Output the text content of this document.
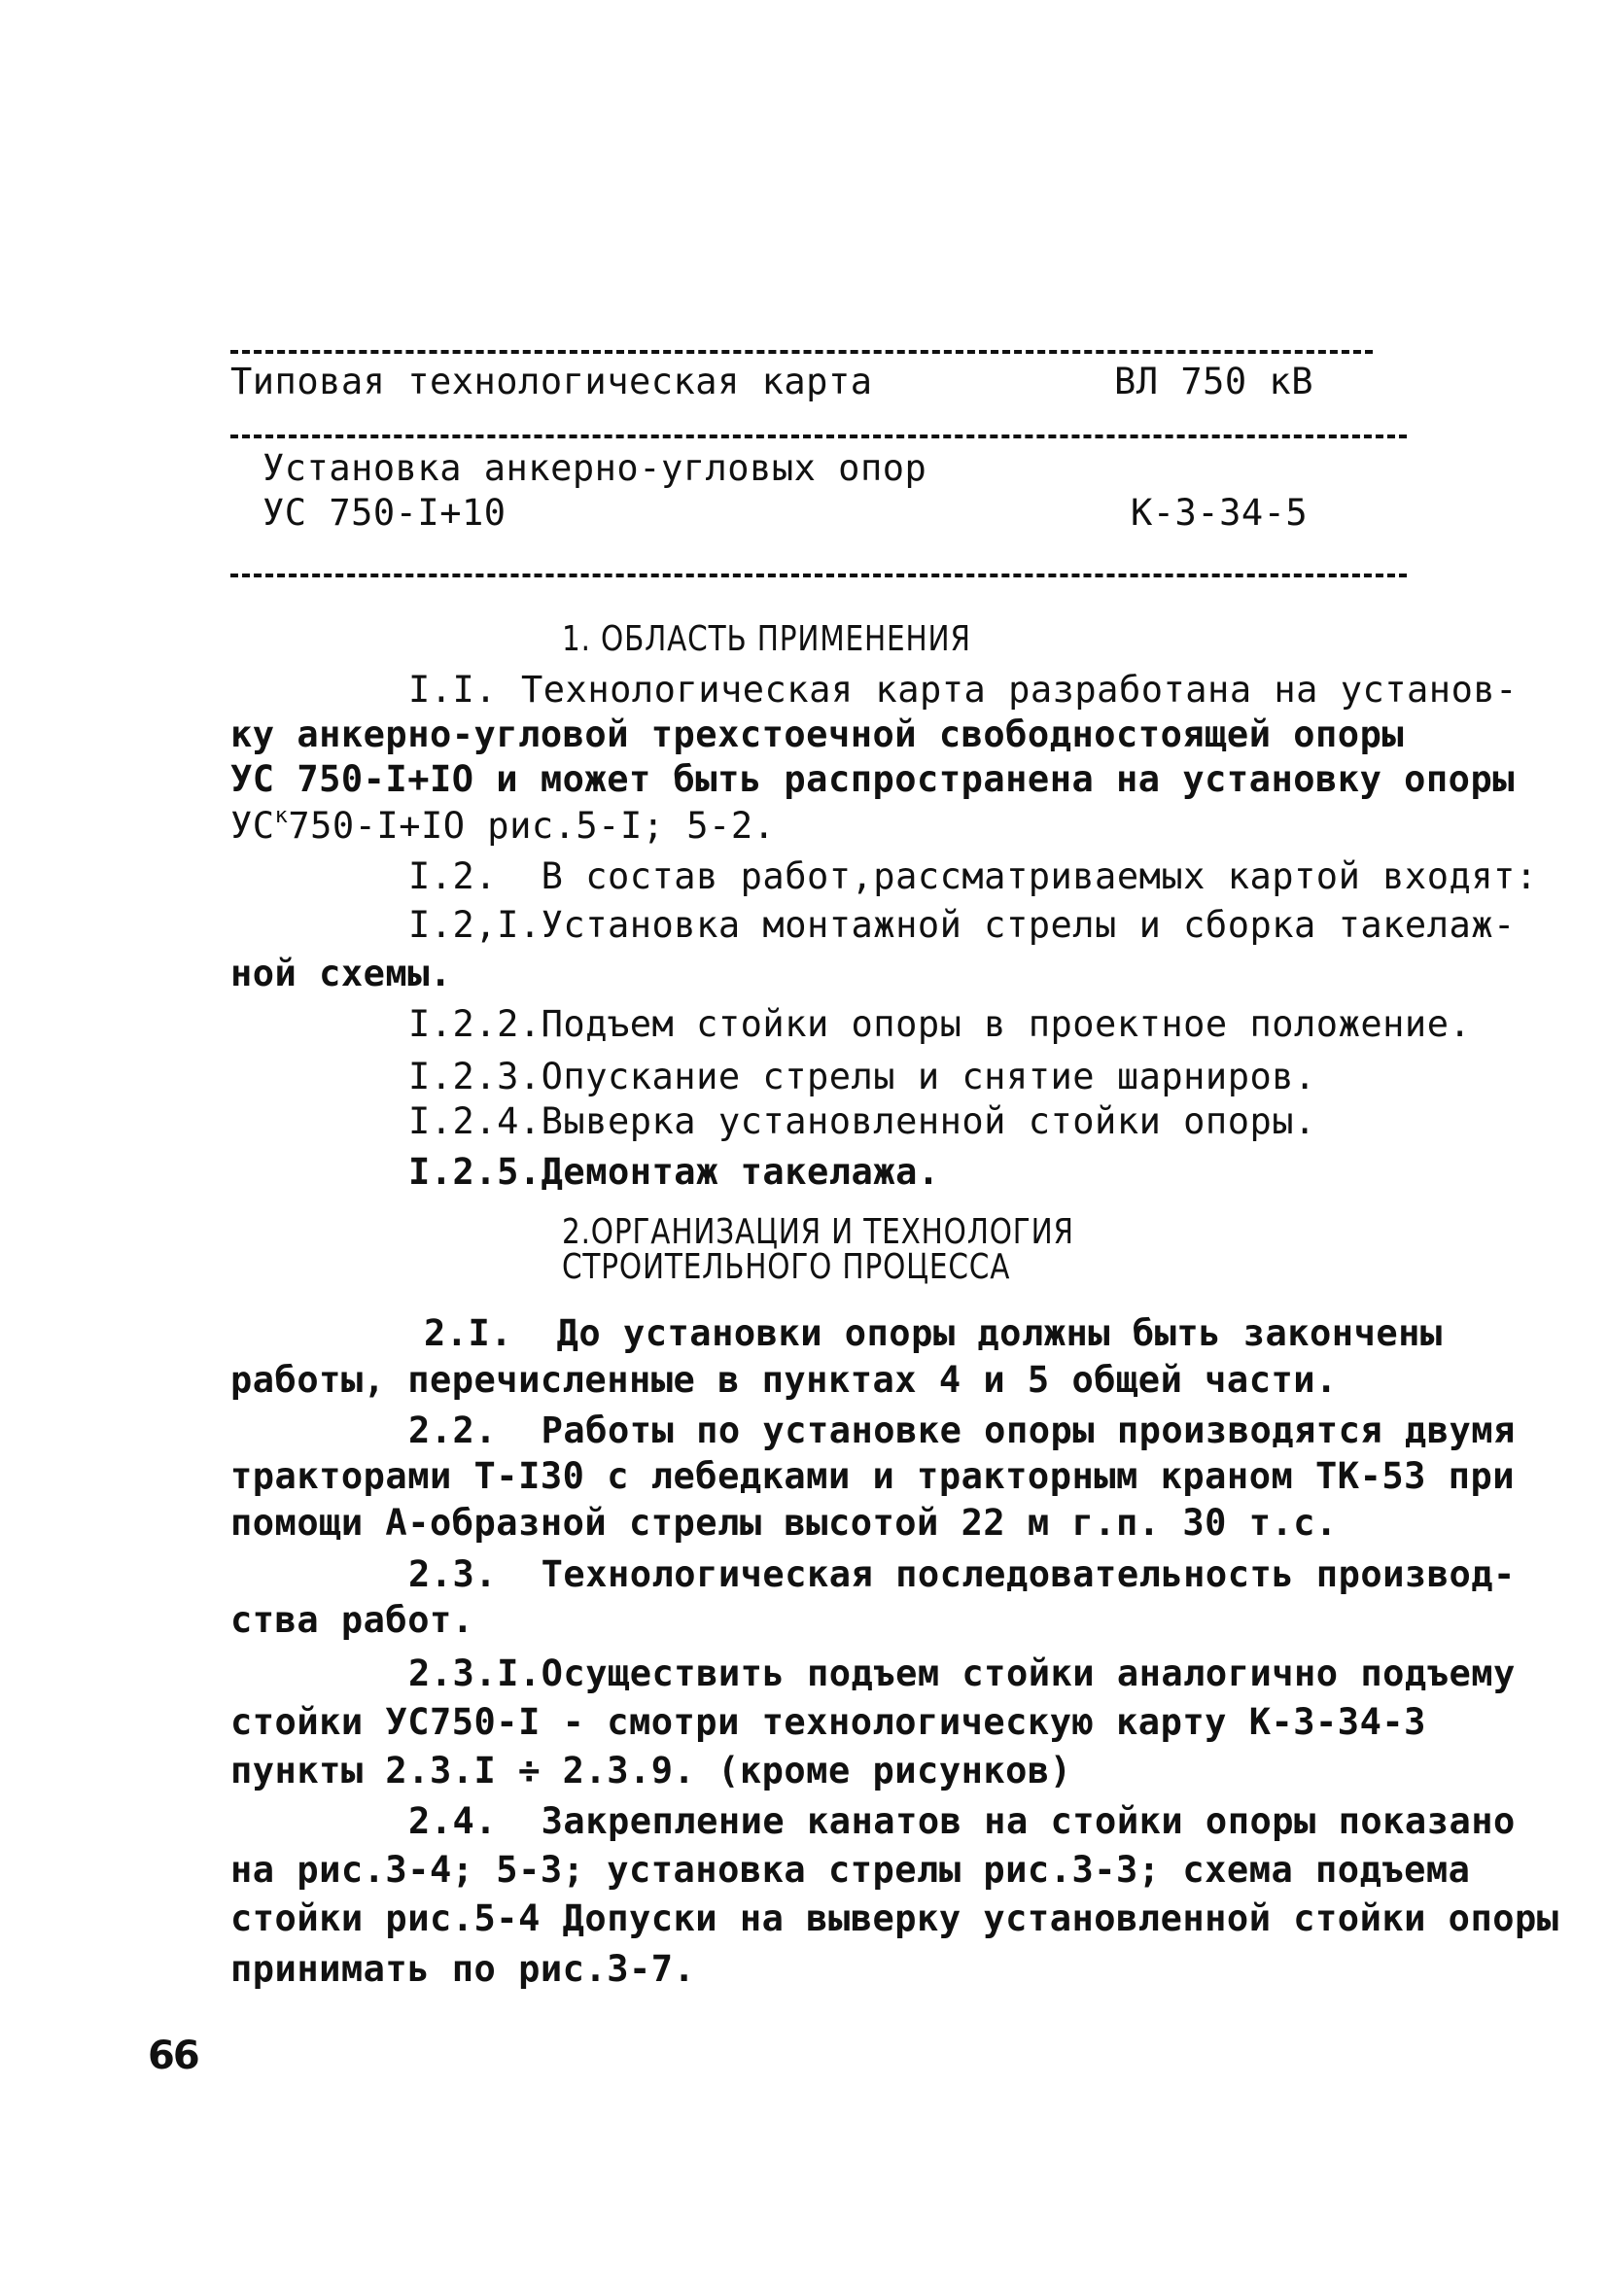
Типовая технологическая карта	ВЛ 750 кВ
Установка анкерно-угловых опор
УС 750-I+10	К-3-34-5
1. ОБЛАСТЬ ПРИМЕНЕНИЯ
I.I. Технологическая карта разработана на установ-
ку анкерно-угловой трехстоечной свободностоящей опоры
УС 750-I+IO и может быть распространена на установку опоры
$УС^к750-I+IO$ рис.5-I; 5-2.
I.2.  В состав работ,рассматриваемых картой входят:
I.2,I.Установка монтажной стрелы и сборка такелаж-
ной схемы.
I.2.2.Подъем стойки опоры в проектное положение.
I.2.3.Опускание стрелы и снятие шарниров.
I.2.4.Выверка установленной стойки опоры.
I.2.5.Демонтаж такелажа.
2.ОРГАНИЗАЦИЯ И ТЕХНОЛОГИЯ
СТРОИТЕЛЬНОГО ПРОЦЕССА
2.I.  До установки опоры должны быть закончены
работы, перечисленные в пунктах 4 и 5 общей части.
2.2.  Работы по установке опоры производятся двумя
тракторами Т-I30 с лебедками и тракторным краном ТК-53 при
помощи А-образной стрелы высотой 22 м г.п. 30 т.с.
2.3.  Технологическая последовательность производ-
ства работ.
2.3.I.Осуществить подъем стойки аналогично подъему
стойки УС750-I - смотри технологическую карту К-3-34-3
пункты 2.3.I ÷ 2.3.9. (кроме рисунков)
2.4.  Закрепление канатов на стойки опоры показано
на рис.3-4; 5-3; установка стрелы рис.3-3; схема подъема
стойки рис.5-4 Допуски на выверку установленной стойки опоры
принимать по рис.3-7.
66
